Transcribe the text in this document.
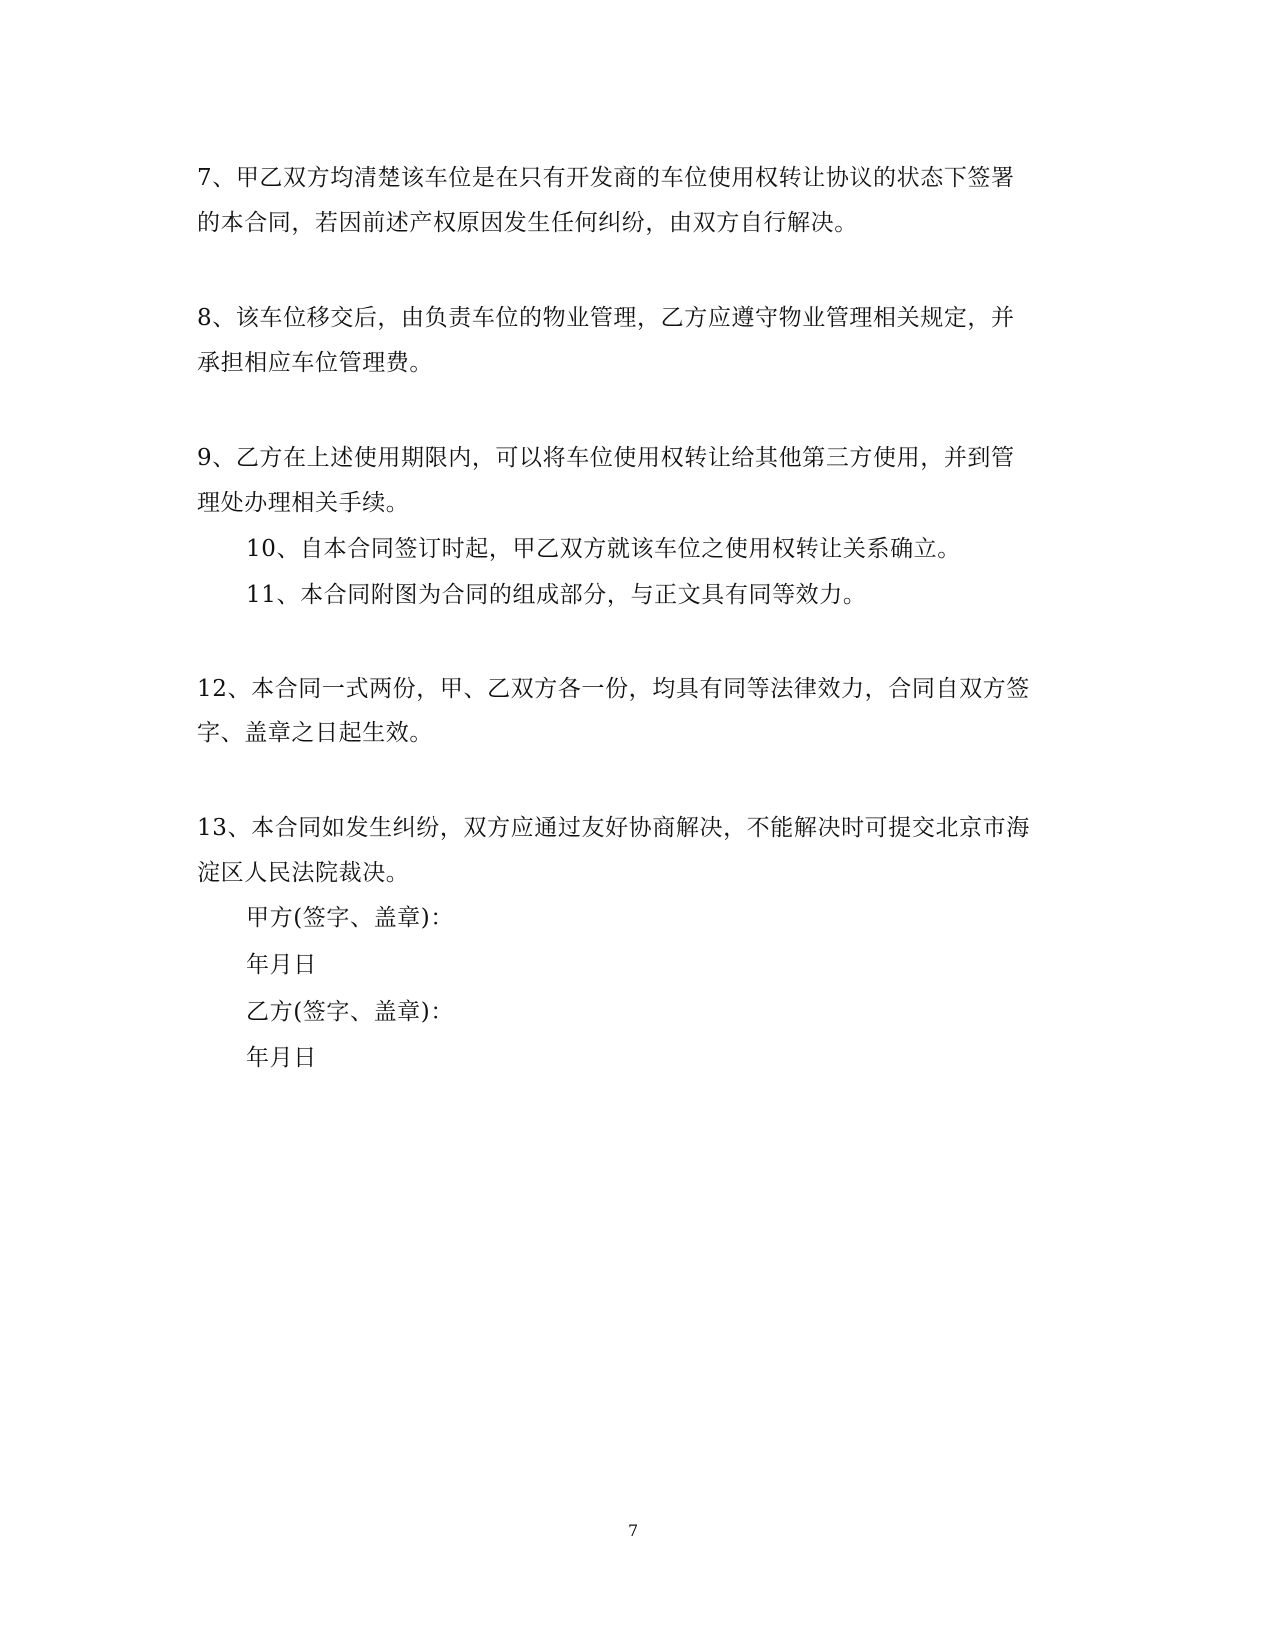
7、甲乙双方均清楚该车位是在只有开发商的车位使用权转让协议的状态下签署
的本合同，若因前述产权原因发生任何纠纷，由双方自行解决。
8、该车位移交后，由负责车位的物业管理，乙方应遵守物业管理相关规定，并
承担相应车位管理费。
9、乙方在上述使用期限内，可以将车位使用权转让给其他第三方使用，并到管
理处办理相关手续。
10、自本合同签订时起，甲乙双方就该车位之使用权转让关系确立。
11、本合同附图为合同的组成部分，与正文具有同等效力。
12、本合同一式两份，甲、乙双方各一份，均具有同等法律效力，合同自双方签
字、盖章之日起生效。
13、本合同如发生纠纷，双方应通过友好协商解决，不能解决时可提交北京市海
淀区人民法院裁决。
甲方(签字、盖章)：
年月日
乙方(签字、盖章)：
年月日
7
